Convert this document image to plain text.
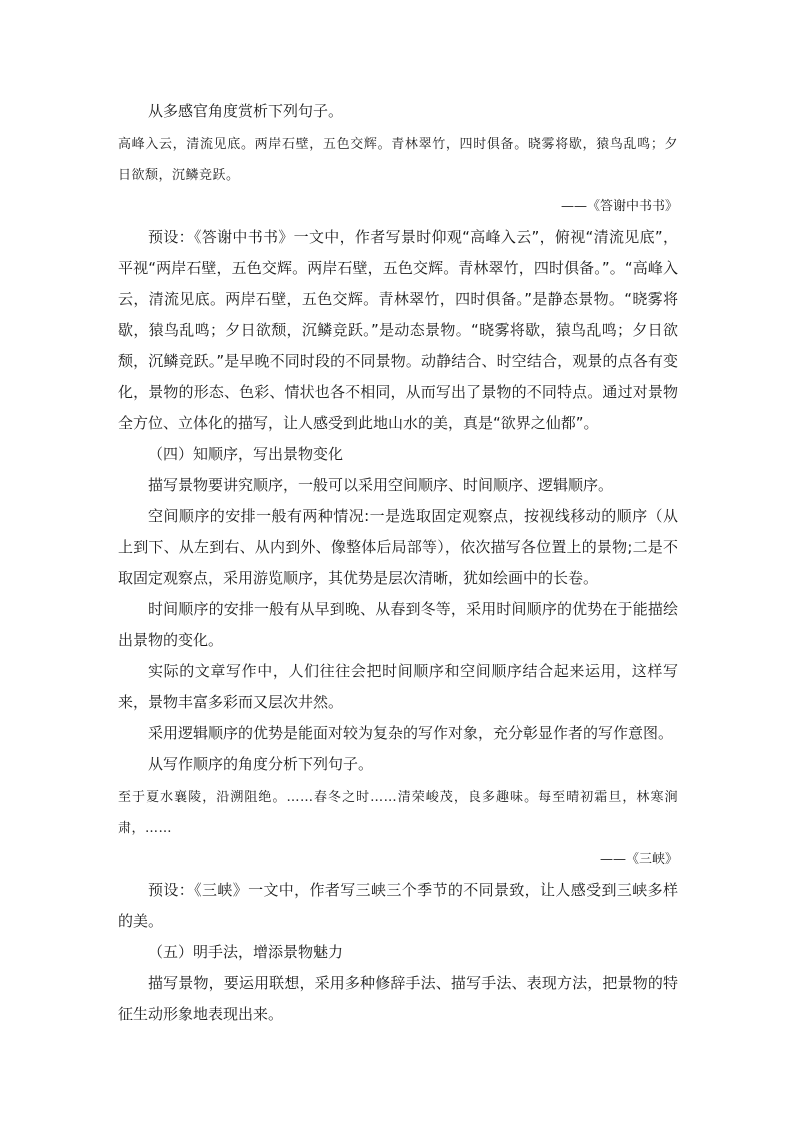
从多感官角度赏析下列句子。

高峰入云，清流见底。两岸石壁，五色交辉。青林翠竹，四时俱备。晓雾将歇，猿鸟乱鸣；夕日欲颓，沉鳞竞跃。

——《答谢中书书》

预设：《答谢中书书》一文中，作者写景时仰观“高峰入云”，俯视“清流见底”，平视“两岸石壁，五色交辉。两岸石壁，五色交辉。青林翠竹，四时俱备。”。“高峰入云，清流见底。两岸石壁，五色交辉。青林翠竹，四时俱备。”是静态景物。“晓雾将歇，猿鸟乱鸣；夕日欲颓，沉鳞竞跃。”是动态景物。“晓雾将歇，猿鸟乱鸣；夕日欲颓，沉鳞竞跃。”是早晚不同时段的不同景物。动静结合、时空结合，观景的点各有变化，景物的形态、色彩、情状也各不相同，从而写出了景物的不同特点。通过对景物全方位、立体化的描写，让人感受到此地山水的美，真是“欲界之仙都”。

（四）知顺序，写出景物变化

描写景物要讲究顺序，一般可以采用空间顺序、时间顺序、逻辑顺序。

空间顺序的安排一般有两种情况:一是选取固定观察点，按视线移动的顺序（从上到下、从左到右、从内到外、像整体后局部等），依次描写各位置上的景物;二是不取固定观察点，采用游览顺序，其优势是层次清晰，犹如绘画中的长卷。

时间顺序的安排一般有从早到晚、从春到冬等，采用时间顺序的优势在于能描绘出景物的变化。

实际的文章写作中，人们往往会把时间顺序和空间顺序结合起来运用，这样写来，景物丰富多彩而又层次井然。

采用逻辑顺序的优势是能面对较为复杂的写作对象，充分彰显作者的写作意图。

从写作顺序的角度分析下列句子。

至于夏水襄陵，沿溯阻绝。……春冬之时……清荣峻茂，良多趣味。每至晴初霜旦，林寒涧肃，……

——《三峡》

预设：《三峡》一文中，作者写三峡三个季节的不同景致，让人感受到三峡多样的美。

（五）明手法，增添景物魅力

描写景物，要运用联想，采用多种修辞手法、描写手法、表现方法，把景物的特征生动形象地表现出来。
